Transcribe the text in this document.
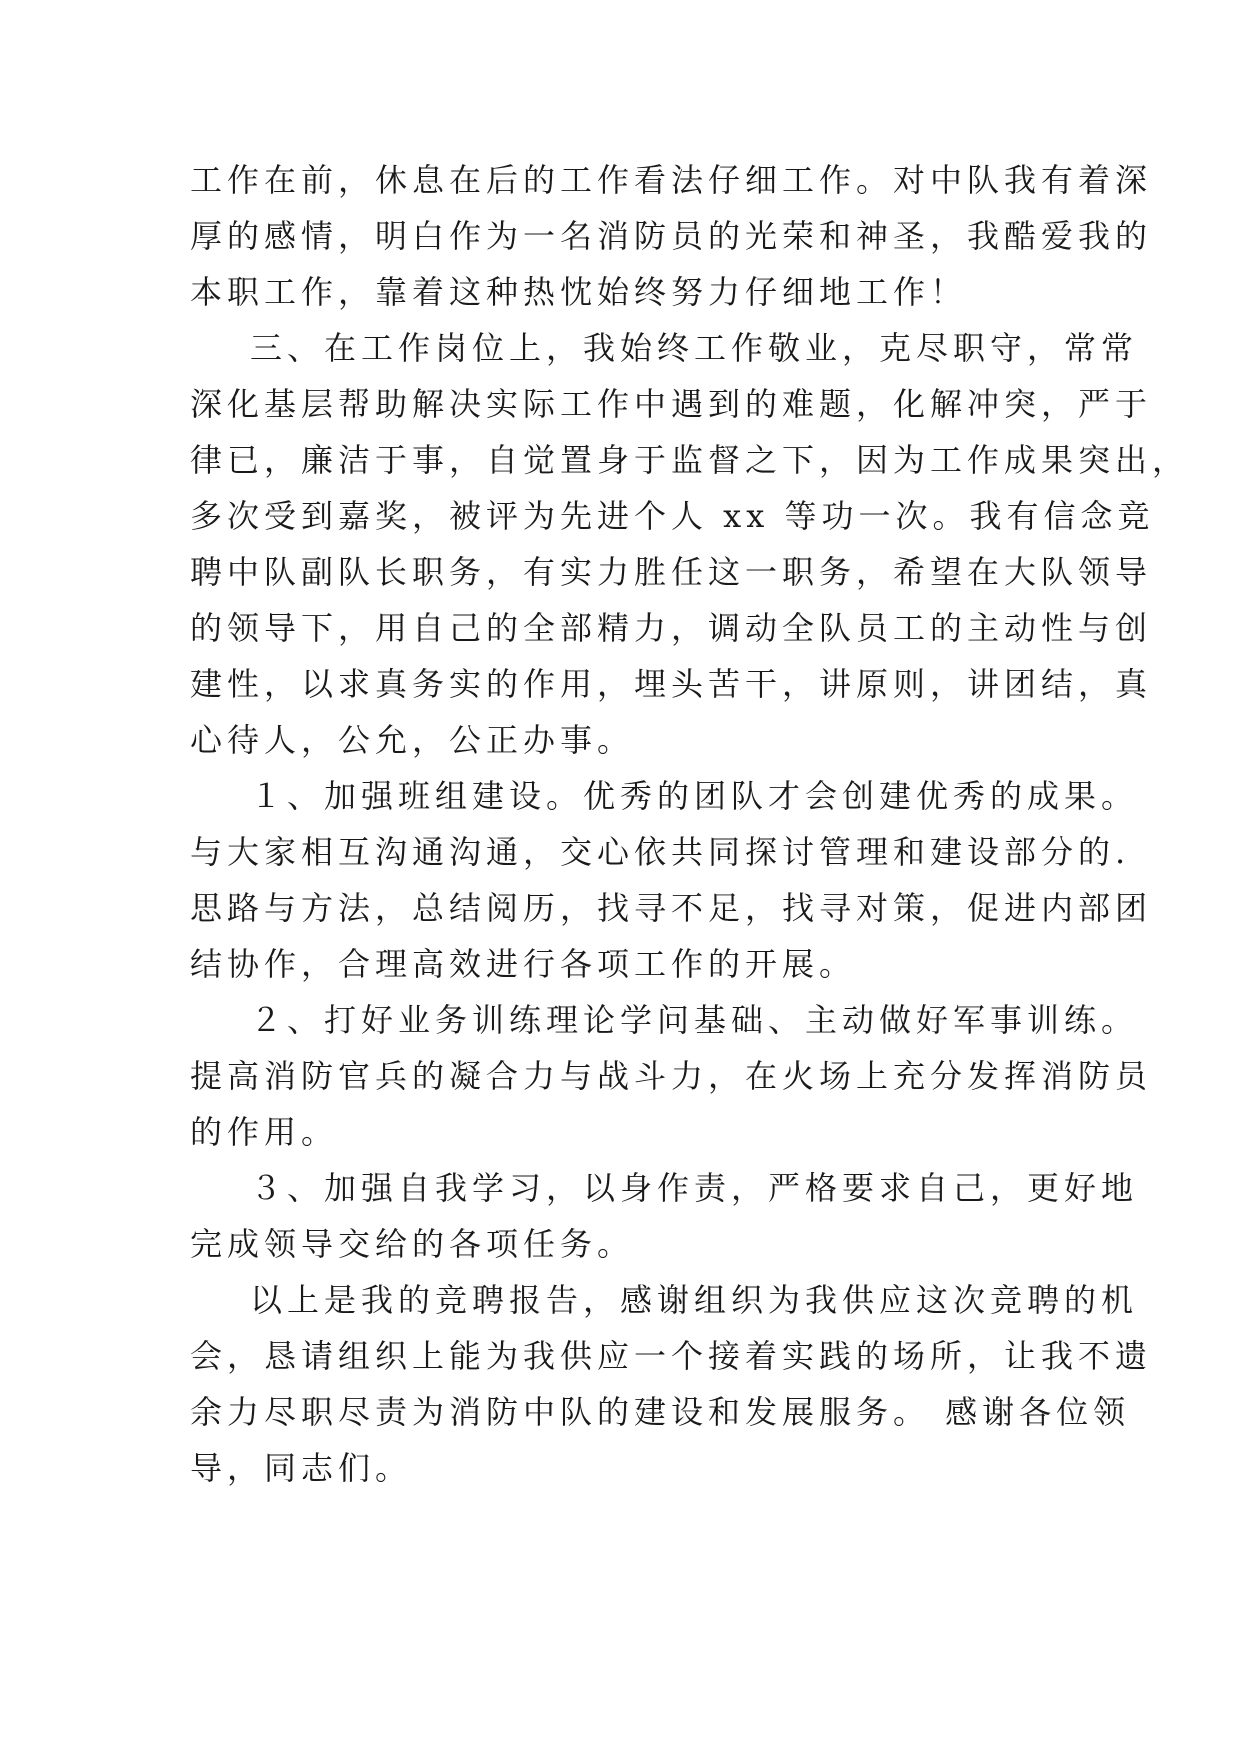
工作在前，休息在后的工作看法仔细工作。对中队我有着深
厚的感情，明白作为一名消防员的光荣和神圣，我酷爱我的
本职工作，靠着这种热忱始终努力仔细地工作！
三、在工作岗位上，我始终工作敬业，克尽职守，常常
深化基层帮助解决实际工作中遇到的难题，化解冲突，严于
律已，廉洁于事，自觉置身于监督之下，因为工作成果突出，
多次受到嘉奖，被评为先进个人 xx 等功一次。我有信念竞
聘中队副队长职务，有实力胜任这一职务，希望在大队领导
的领导下，用自己的全部精力，调动全队员工的主动性与创
建性，以求真务实的作用，埋头苦干，讲原则，讲团结，真
心待人，公允，公正办事。
１、加强班组建设。优秀的团队才会创建优秀的成果。
与大家相互沟通沟通，交心依共同探讨管理和建设部分的.
思路与方法，总结阅历，找寻不足，找寻对策，促进内部团
结协作，合理高效进行各项工作的开展。
２、打好业务训练理论学问基础、主动做好军事训练。
提高消防官兵的凝合力与战斗力，在火场上充分发挥消防员
的作用。
３、加强自我学习，以身作责，严格要求自己，更好地
完成领导交给的各项任务。
以上是我的竞聘报告，感谢组织为我供应这次竞聘的机
会，恳请组织上能为我供应一个接着实践的场所，让我不遗
余力尽职尽责为消防中队的建设和发展服务。 感谢各位领
导，同志们。
